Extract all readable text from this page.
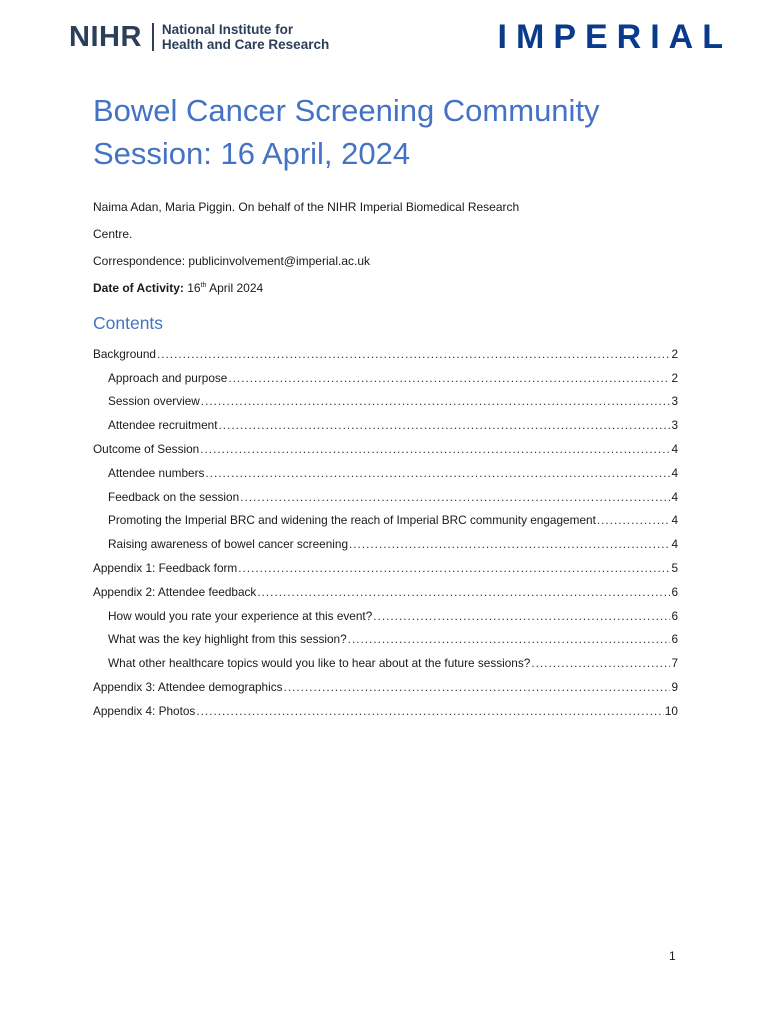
NIHR National Institute for
Health and Care Research	IMPERIAL
Bowel Cancer Screening Community
Session: 16 April, 2024
Naima Adan, Maria Piggin. On behalf of the NIHR Imperial Biomedical Research
Centre.
Correspondence: publicinvolvement@imperial.ac.uk
Date of Activity: 16th April 2024
Contents
Background .....	2
Approach and purpose .....	2
Session overview .....	3
Attendee recruitment .....	3
Outcome of Session .....	4
Attendee numbers .....	4
Feedback on the session .....	4
Promoting the Imperial BRC and widening the reach of Imperial BRC community engagement .....	4
Raising awareness of bowel cancer screening .....	4
Appendix 1: Feedback form .....	5
Appendix 2: Attendee feedback .....	6
How would you rate your experience at this event? .....	6
What was the key highlight from this session? .....	6
What other healthcare topics would you like to hear about at the future sessions? .....	7
Appendix 3: Attendee demographics .....	9
Appendix 4: Photos .....	10
1
